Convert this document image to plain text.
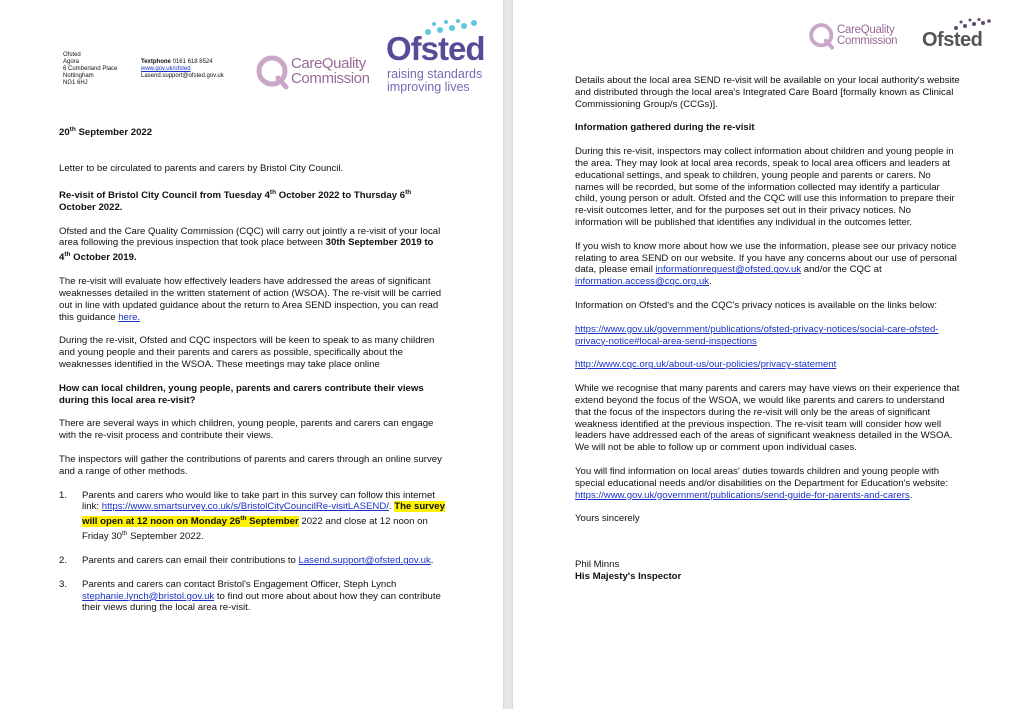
Ofsted
Agora
6 Cumberland Place
Nottingham
NG1 6HJ
Textphone 0161 618 8524
www.gov.uk/ofsted
Lasend.support@ofsted.gov.uk
CareQuality
Commission
Ofsted
raising standards
improving lives

20th September 2022

Letter to be circulated to parents and carers by Bristol City Council.

Re-visit of Bristol City Council from Tuesday 4th October 2022 to Thursday 6th October 2022.

Ofsted and the Care Quality Commission (CQC) will carry out jointly a re-visit of your local area following the previous inspection that took place between 30th September 2019 to 4th October 2019.

The re-visit will evaluate how effectively leaders have addressed the areas of significant weaknesses detailed in the written statement of action (WSOA). The re-visit will be carried out in line with updated guidance about the return to Area SEND inspection, you can read this guidance here.

During the re-visit, Ofsted and CQC inspectors will be keen to speak to as many children and young people and their parents and carers as possible, specifically about the weaknesses identified in the WSOA. These meetings may take place online

How can local children, young people, parents and carers contribute their views during this local area re-visit?

There are several ways in which children, young people, parents and carers can engage with the re-visit process and contribute their views.

The inspectors will gather the contributions of parents and carers through an online survey and a range of other methods.

1. Parents and carers who would like to take part in this survey can follow this internet link: https://www.smartsurvey.co.uk/s/BristolCityCouncilRe-visitLASEND/. The survey will open at 12 noon on Monday 26th September 2022 and close at 12 noon on Friday 30th September 2022.
2. Parents and carers can email their contributions to Lasend.support@ofsted.gov.uk.
3. Parents and carers can contact Bristol's Engagement Officer, Steph Lynch stephanie.lynch@bristol.gov.uk to find out more about about how they can contribute their views during the local area re-visit.
CareQuality
Commission Ofsted

Details about the local area SEND re-visit will be available on your local authority's website and distributed through the local area's Integrated Care Board [formally known as Clinical Commissioning Group/s (CCGs)].

Information gathered during the re-visit

During this re-visit, inspectors may collect information about children and young people in the area. They may look at local area records, speak to local area officers and leaders at educational settings, and speak to children, young people and parents or carers. No names will be recorded, but some of the information collected may identify a particular child, young person or adult. Ofsted and the CQC will use this information to prepare their re-visit outcomes letter, and for the purposes set out in their privacy notices. No information will be published that identifies any individual in the outcomes letter.

If you wish to know more about how we use the information, please see our privacy notice relating to area SEND on our website. If you have any concerns about our use of personal data, please email informationrequest@ofsted.gov.uk and/or the CQC at information.access@cqc.org.uk.

Information on Ofsted's and the CQC's privacy notices is available on the links below:

https://www.gov.uk/government/publications/ofsted-privacy-notices/social-care-ofsted-privacy-notice#local-area-send-inspections

http://www.cqc.org.uk/about-us/our-policies/privacy-statement

While we recognise that many parents and carers may have views on their experience that extend beyond the focus of the WSOA, we would like parents and carers to understand that the focus of the inspectors during the re-visit will only be the areas of significant weakness identified at the previous inspection. The re-visit team will consider how well leaders have addressed each of the areas of significant weakness detailed in the WSOA. We will not be able to follow up or comment upon individual cases.

You will find information on local areas' duties towards children and young people with special educational needs and/or disabilities on the Department for Education's website: https://www.gov.uk/government/publications/send-guide-for-parents-and-carers.

Yours sincerely

Phil Minns

His Majesty's Inspector
